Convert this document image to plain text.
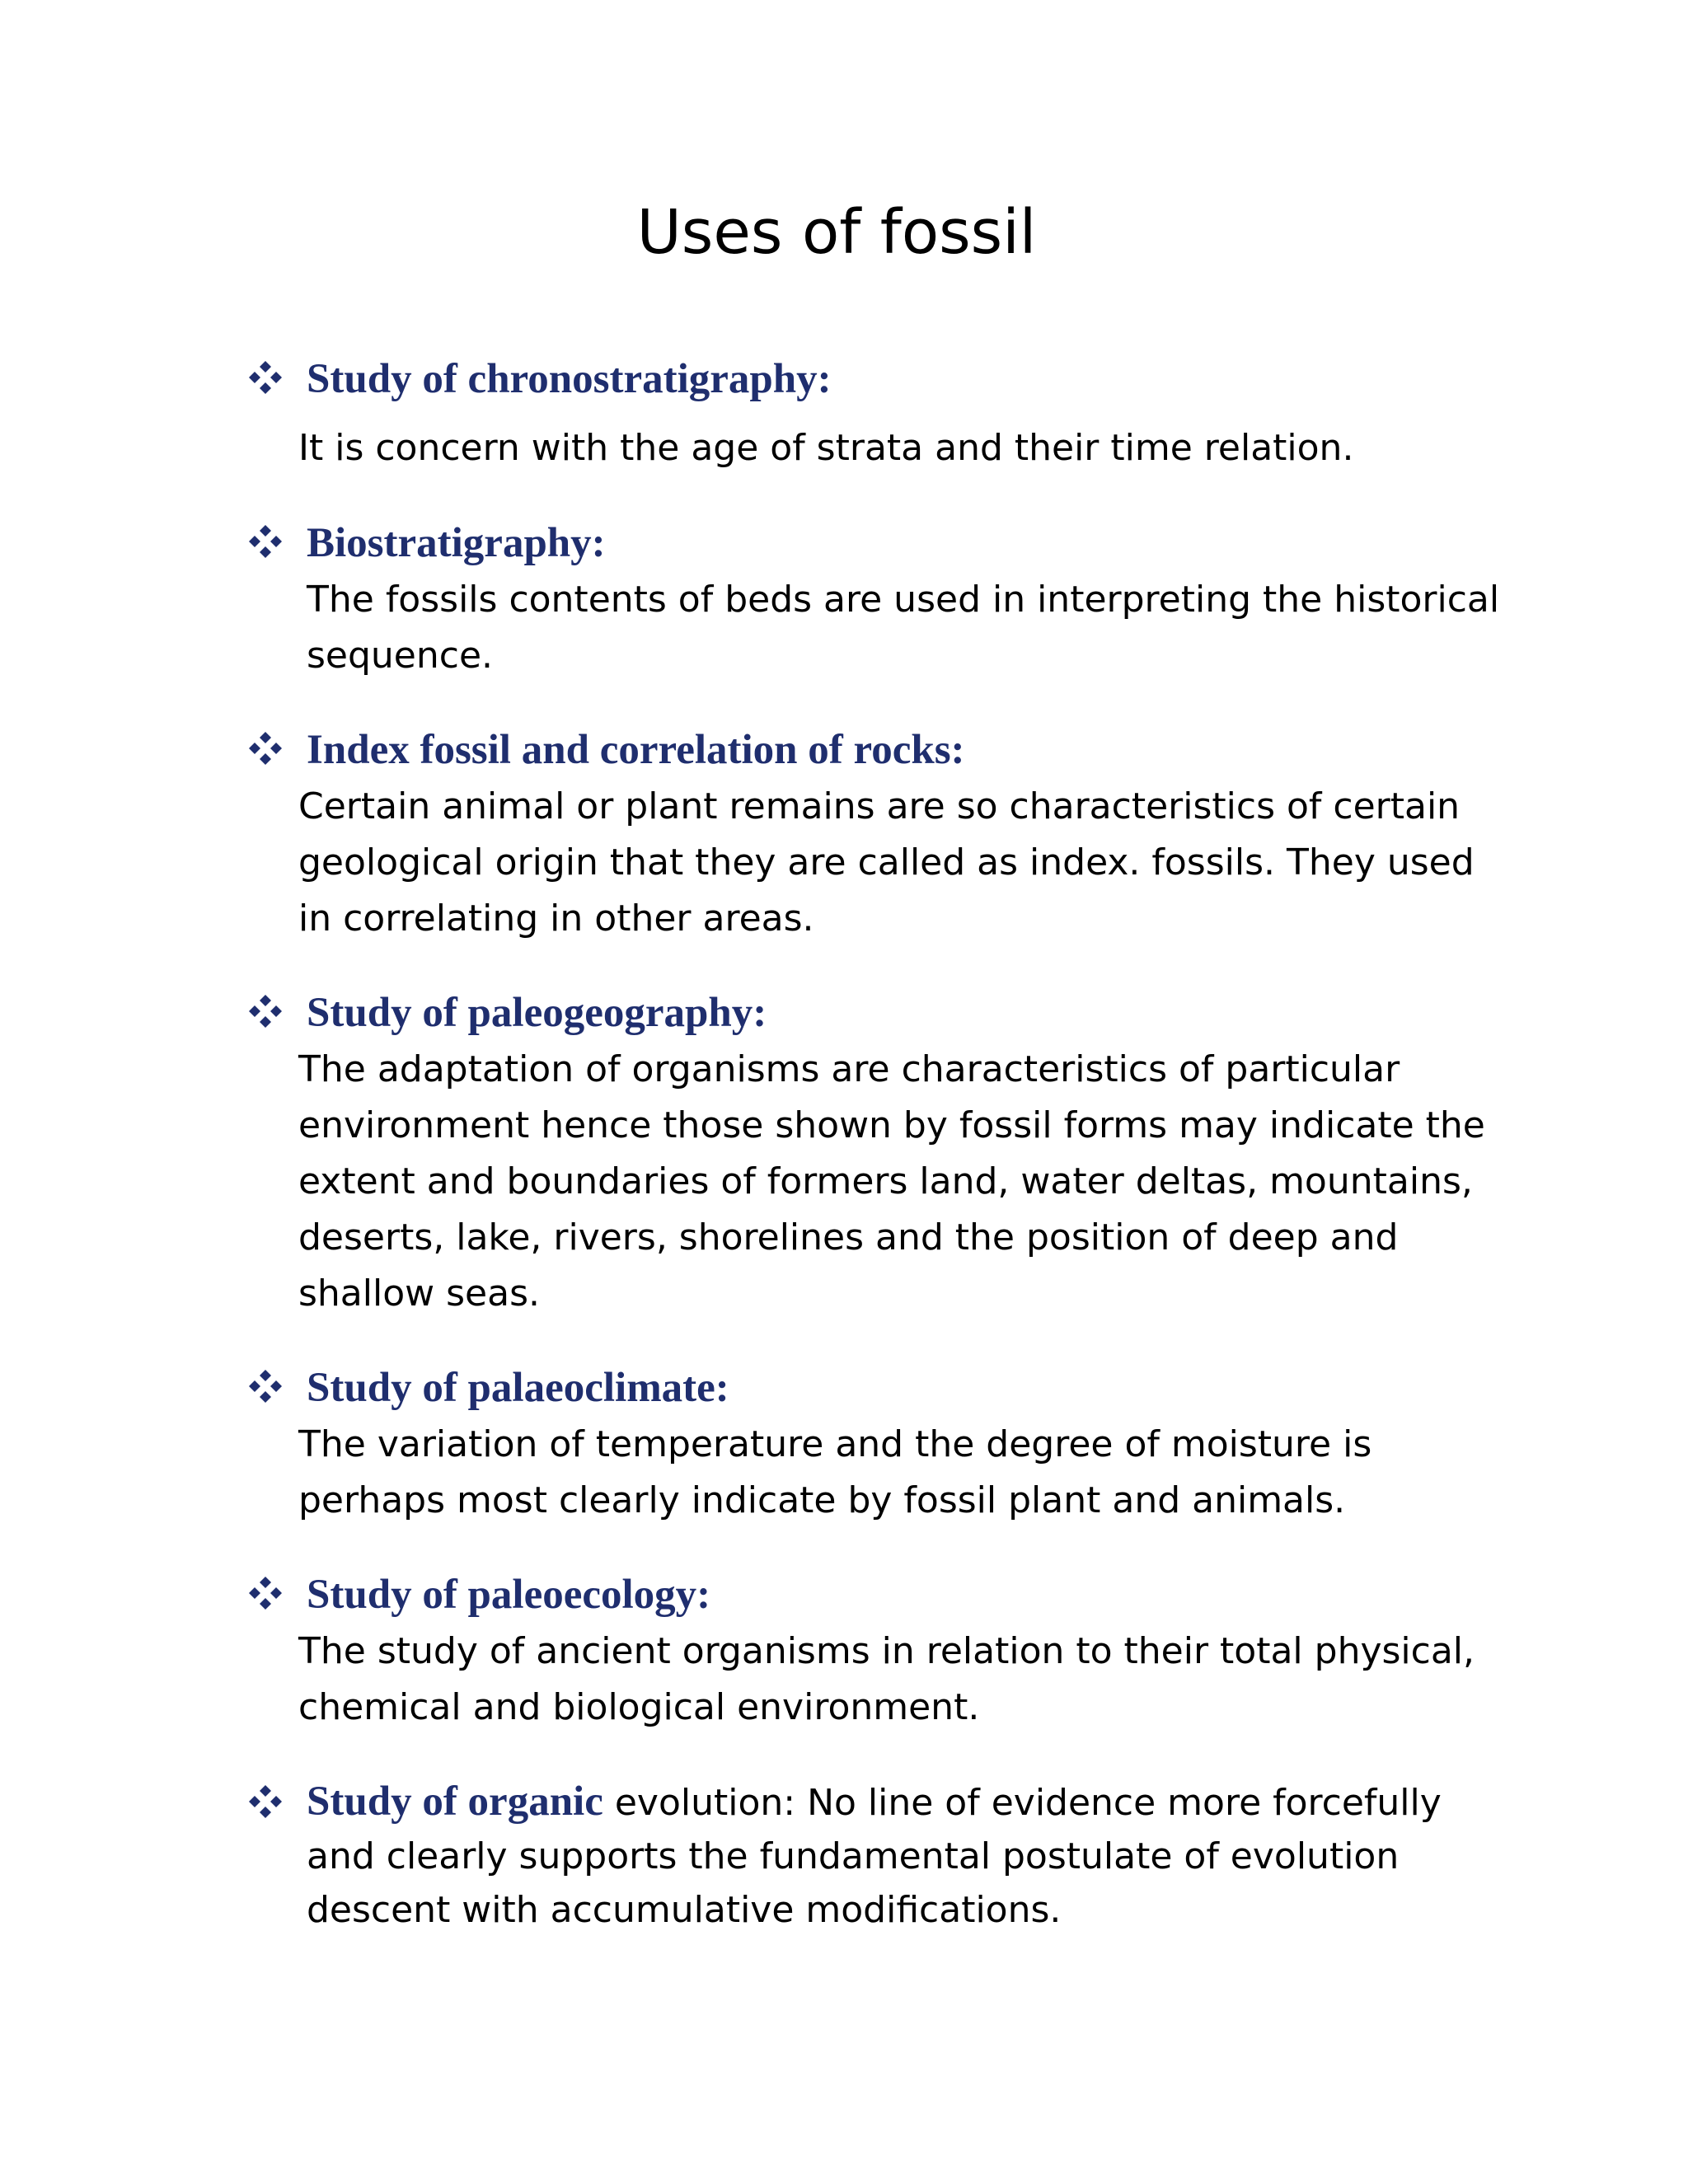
Uses of fossil
Study of chronostratigraphy:

It is concern with the age of strata and their time relation.

Biostratigraphy:

The fossils contents of beds are used in interpreting the historical sequence.

Index fossil and correlation of rocks:

Certain animal or plant remains are so characteristics of certain geological origin that they are called as index. fossils. They used in correlating in other areas.

Study of paleogeography:

The adaptation of organisms are characteristics of particular environment hence those shown by fossil forms may indicate the extent and boundaries of formers land, water deltas, mountains, deserts, lake, rivers, shorelines and the position of deep and shallow seas.

Study of palaeoclimate:

The variation of temperature and the degree of moisture is perhaps most clearly indicate by fossil plant and animals.

Study of paleoecology:

The study of ancient organisms in relation to their total physical, chemical and biological environment.

Study of organic evolution: No line of evidence more forcefully and clearly supports the fundamental postulate of evolution descent with accumulative modifications.
